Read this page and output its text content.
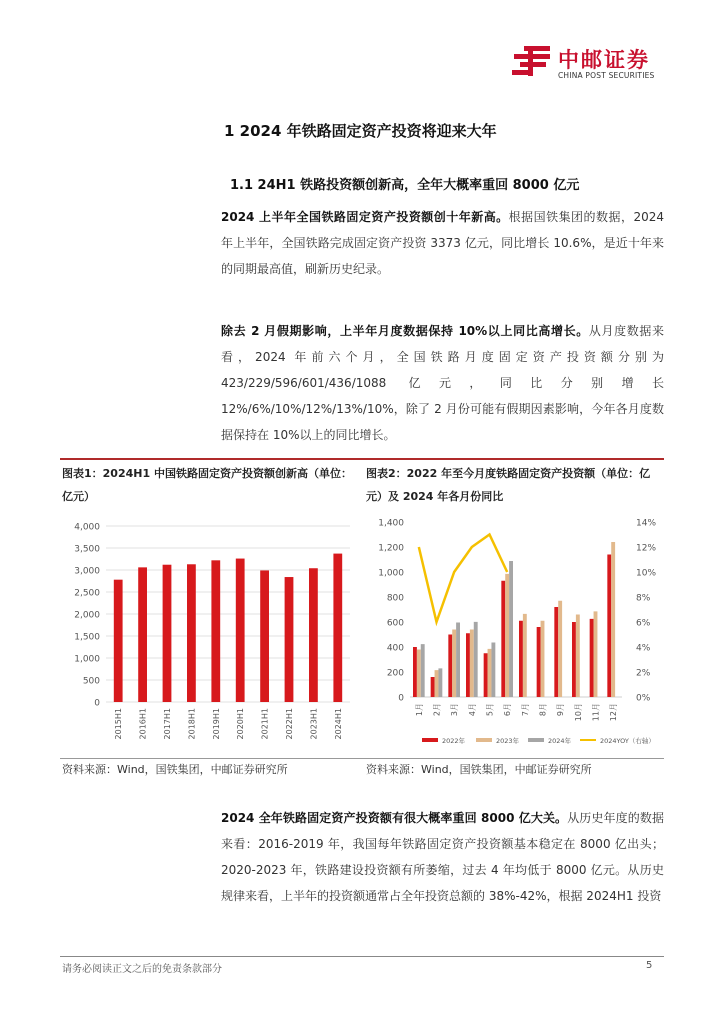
中邮证券
CHINA POST SECURITIES
1 2024 年铁路固定资产投资将迎来大年
1.1 24H1 铁路投资额创新高，全年大概率重回 8000 亿元
2024 上半年全国铁路固定资产投资额创十年新高。根据国铁集团的数据，2024 年上半年，全国铁路完成固定资产投资 3373 亿元，同比增长 10.6%，是近十年来的同期最高值，刷新历史纪录。
除去 2 月假期影响，上半年月度数据保持 10%以上同比高增长。从月度数据来看，2024 年前六个月，全国铁路月度固定资产投资额分别为 423/229/596/601/436/1088 亿元，同比分别增长 12%/6%/10%/12%/13%/10%，除了 2 月份可能有假期因素影响，今年各月度数据保持在 10%以上的同比增长。
图表1：2024H1 中国铁路固定资产投资额创新高（单位：亿元）
图表2：2022 年至今月度铁路固定资产投资额（单位：亿元）及 2024 年各月份同比
0
500
1,000
1,500
2,000
2,500
3,000
3,500
4,000
2015H1 2016H1 2017H1 2018H1 2019H1 2020H1 2021H1 2022H1 2023H1 2024H1
0
200
400
600
800
1,000
1,200
1,400
0%
2%
4%
6%
8%
10%
12%
14%
1月 2月 3月 4月 5月 6月 7月 8月 9月 10月 11月 12月
2022年	2023年	2024年	2024YOY（右轴）
资料来源：Wind，国铁集团，中邮证券研究所	资料来源：Wind，国铁集团，中邮证券研究所
2024 全年铁路固定资产投资额有很大概率重回 8000 亿大关。从历史年度的数据来看：2016-2019 年，我国每年铁路固定资产投资额基本稳定在 8000 亿出头；2020-2023 年，铁路建设投资额有所萎缩，过去 4 年均低于 8000 亿元。从历史规律来看，上半年的投资额通常占全年投资总额的 38%-42%，根据 2024H1 投资
请务必阅读正文之后的免责条款部分	5
